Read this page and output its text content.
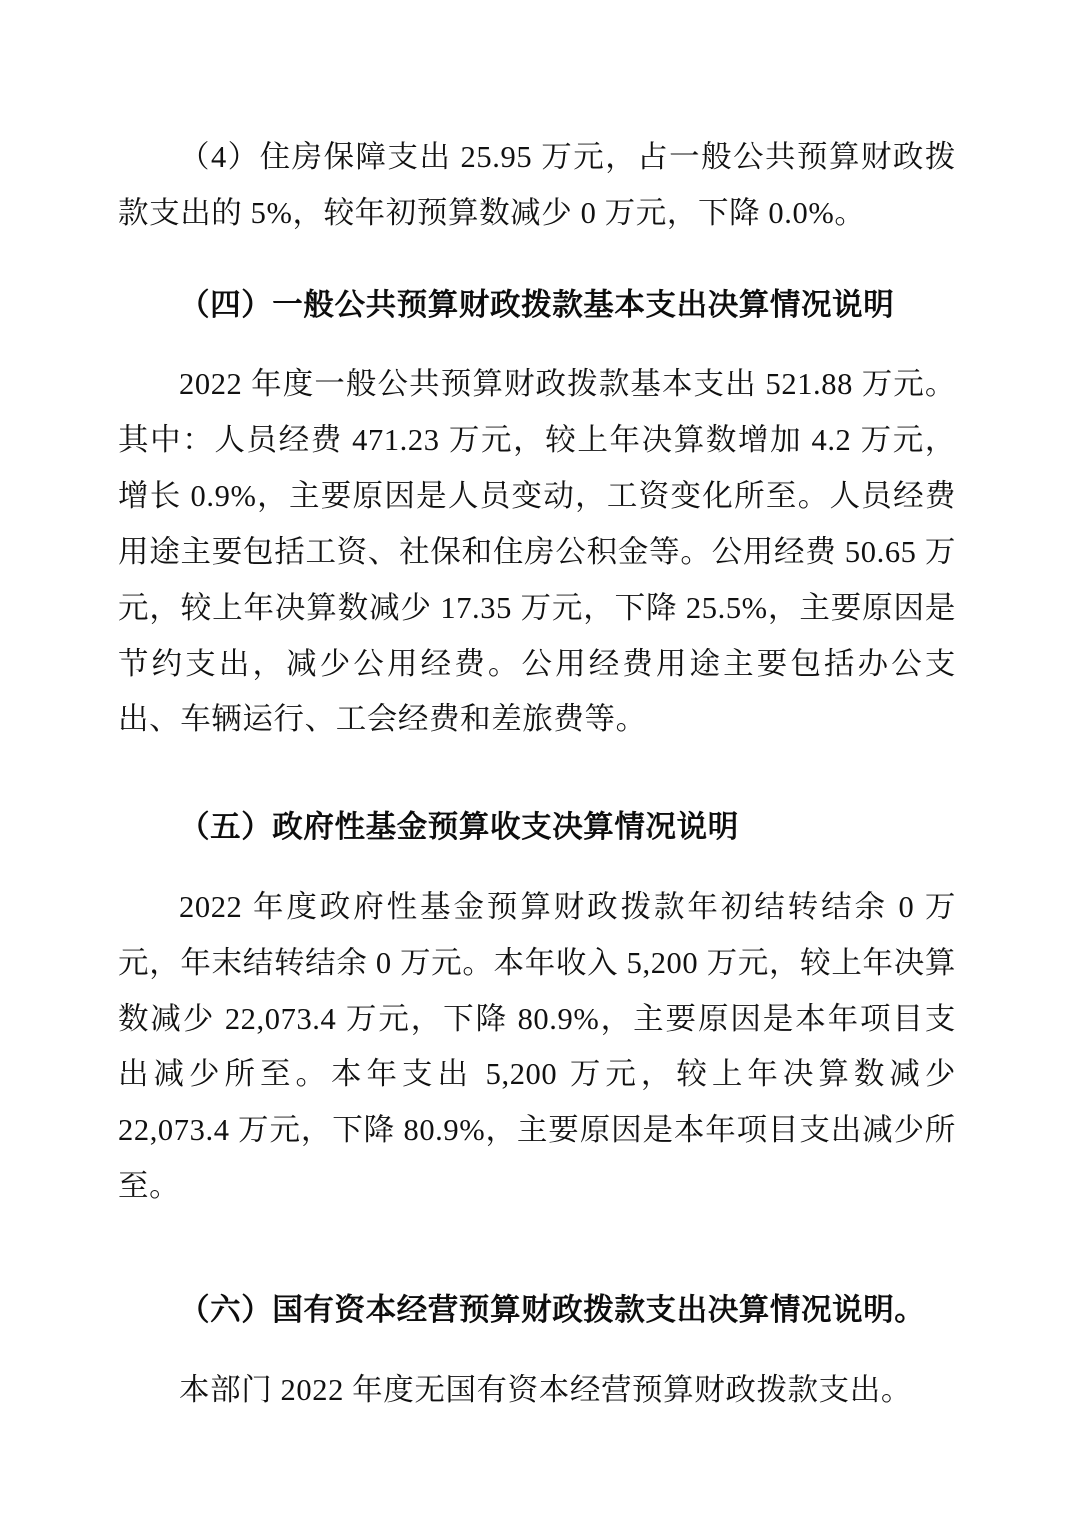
（4）住房保障支出 25.95 万元，占一般公共预算财政拨款支出的 5%，较年初预算数减少 0 万元，下降 0.0%。

（四）一般公共预算财政拨款基本支出决算情况说明

2022 年度一般公共预算财政拨款基本支出 521.88 万元。其中：人员经费 471.23 万元，较上年决算数增加 4.2 万元，增长 0.9%，主要原因是人员变动，工资变化所至。人员经费用途主要包括工资、社保和住房公积金等。公用经费 50.65 万元，较上年决算数减少 17.35 万元，下降 25.5%，主要原因是节约支出，减少公用经费。公用经费用途主要包括办公支出、车辆运行、工会经费和差旅费等。

（五）政府性基金预算收支决算情况说明

2022 年度政府性基金预算财政拨款年初结转结余 0 万元，年末结转结余 0 万元。本年收入 5,200 万元，较上年决算数减少 22,073.4 万元，下降 80.9%，主要原因是本年项目支出减少所至。本年支出 5,200 万元，较上年决算数减少 22,073.4 万元，下降 80.9%，主要原因是本年项目支出减少所至。

（六）国有资本经营预算财政拨款支出决算情况说明。

本部门 2022 年度无国有资本经营预算财政拨款支出。
